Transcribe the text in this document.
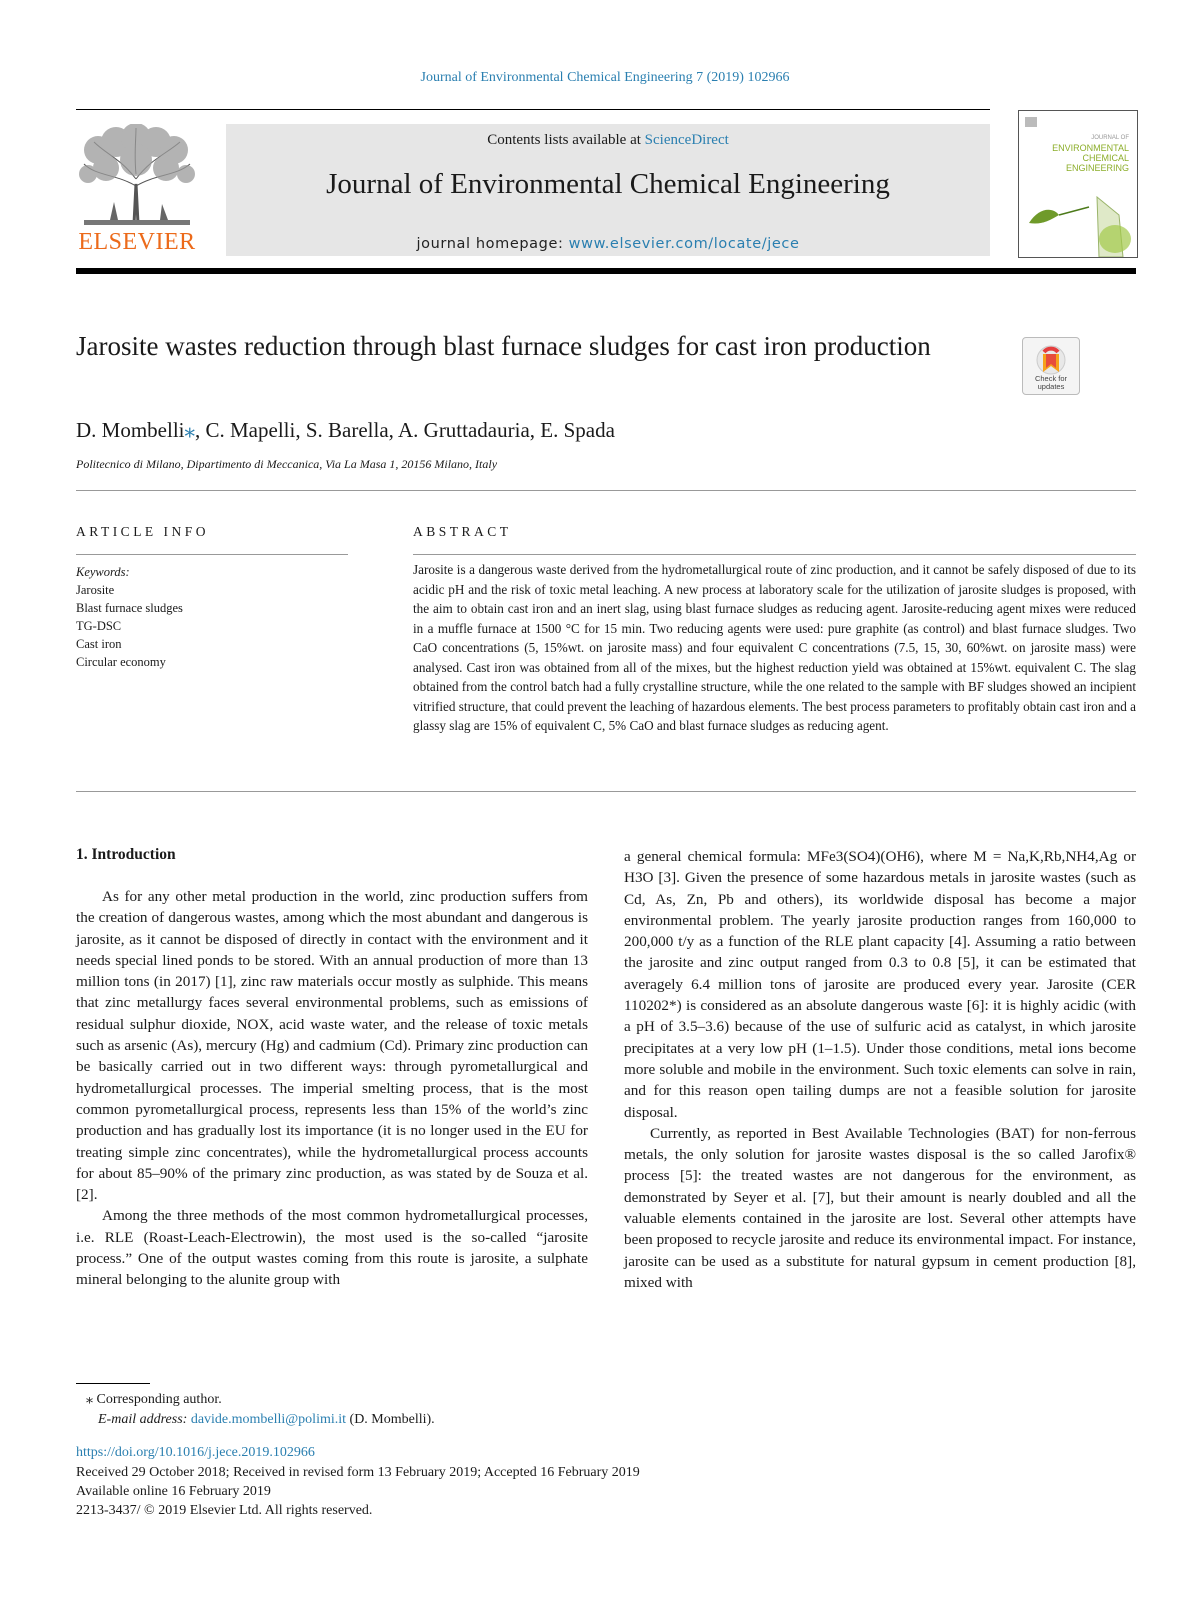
Journal of Environmental Chemical Engineering 7 (2019) 102966
ELSEVIER
Contents lists available at ScienceDirect
Journal of Environmental Chemical Engineering
journal homepage: www.elsevier.com/locate/jece
JOURNAL OF
ENVIRONMENTAL
CHEMICAL
ENGINEERING
Jarosite wastes reduction through blast furnace sludges for cast iron production
Check for updates
D. Mombelli⁎, C. Mapelli, S. Barella, A. Gruttadauria, E. Spada
Politecnico di Milano, Dipartimento di Meccanica, Via La Masa 1, 20156 Milano, Italy
ARTICLE INFO
Keywords:
Jarosite
Blast furnace sludges
TG-DSC
Cast iron
Circular economy
ABSTRACT
Jarosite is a dangerous waste derived from the hydrometallurgical route of zinc production, and it cannot be safely disposed of due to its acidic pH and the risk of toxic metal leaching. A new process at laboratory scale for the utilization of jarosite sludges is proposed, with the aim to obtain cast iron and an inert slag, using blast furnace sludges as reducing agent. Jarosite-reducing agent mixes were reduced in a muffle furnace at 1500 °C for 15 min. Two reducing agents were used: pure graphite (as control) and blast furnace sludges. Two CaO concentrations (5, 15%wt. on jarosite mass) and four equivalent C concentrations (7.5, 15, 30, 60%wt. on jarosite mass) were analysed. Cast iron was obtained from all of the mixes, but the highest reduction yield was obtained at 15%wt. equivalent C. The slag obtained from the control batch had a fully crystalline structure, while the one related to the sample with BF sludges showed an incipient vitrified structure, that could prevent the leaching of hazardous elements. The best process parameters to profitably obtain cast iron and a glassy slag are 15% of equivalent C, 5% CaO and blast furnace sludges as reducing agent.
1. Introduction

As for any other metal production in the world, zinc production suffers from the creation of dangerous wastes, among which the most abundant and dangerous is jarosite, as it cannot be disposed of directly in contact with the environment and it needs special lined ponds to be stored. With an annual production of more than 13 million tons (in 2017) [1], zinc raw materials occur mostly as sulphide. This means that zinc metallurgy faces several environmental problems, such as emissions of residual sulphur dioxide, NOX, acid waste water, and the release of toxic metals such as arsenic (As), mercury (Hg) and cadmium (Cd). Primary zinc production can be basically carried out in two different ways: through pyrometallurgical and hydrometallurgical processes. The imperial smelting process, that is the most common pyrometallurgical process, represents less than 15% of the world’s zinc production and has gradually lost its importance (it is no longer used in the EU for treating simple zinc concentrates), while the hydrometallurgical process accounts for about 85–90% of the primary zinc production, as was stated by de Souza et al. [2].

Among the three methods of the most common hydrometallurgical processes, i.e. RLE (Roast-Leach-Electrowin), the most used is the so-called “jarosite process.” One of the output wastes coming from this route is jarosite, a sulphate mineral belonging to the alunite group with

a general chemical formula: MFe3(SO4)(OH6), where M = Na,K,Rb,NH4,Ag or H3O [3]. Given the presence of some hazardous metals in jarosite wastes (such as Cd, As, Zn, Pb and others), its worldwide disposal has become a major environmental problem. The yearly jarosite production ranges from 160,000 to 200,000 t/y as a function of the RLE plant capacity [4]. Assuming a ratio between the jarosite and zinc output ranged from 0.3 to 0.8 [5], it can be estimated that averagely 6.4 million tons of jarosite are produced every year. Jarosite (CER 110202*) is considered as an absolute dangerous waste [6]: it is highly acidic (with a pH of 3.5–3.6) because of the use of sulfuric acid as catalyst, in which jarosite precipitates at a very low pH (1–1.5). Under those conditions, metal ions become more soluble and mobile in the environment. Such toxic elements can solve in rain, and for this reason open tailing dumps are not a feasible solution for jarosite disposal.

Currently, as reported in Best Available Technologies (BAT) for non-ferrous metals, the only solution for jarosite wastes disposal is the so called Jarofix® process [5]: the treated wastes are not dangerous for the environment, as demonstrated by Seyer et al. [7], but their amount is nearly doubled and all the valuable elements contained in the jarosite are lost. Several other attempts have been proposed to recycle jarosite and reduce its environmental impact. For instance, jarosite can be used as a substitute for natural gypsum in cement production [8], mixed with

⁎ Corresponding author.
E-mail address: davide.mombelli@polimi.it (D. Mombelli).
https://doi.org/10.1016/j.jece.2019.102966
Received 29 October 2018; Received in revised form 13 February 2019; Accepted 16 February 2019
Available online 16 February 2019
2213-3437/ © 2019 Elsevier Ltd. All rights reserved.
